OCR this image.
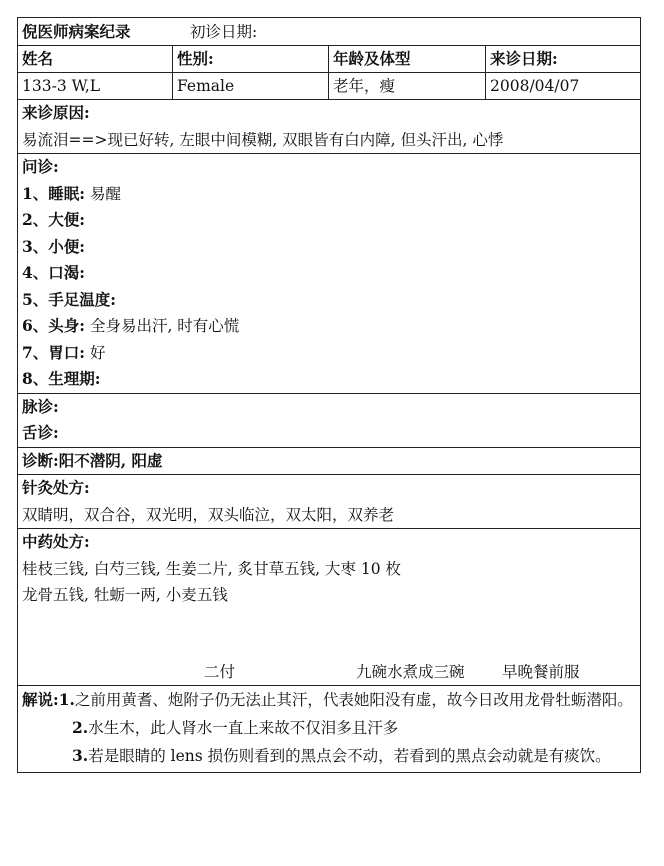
倪医师病案纪录	初诊日期:
姓名	性别:	年龄及体型	来诊日期:
133-3 W,L	Female	老年，瘦	2008/04/07
来诊原因:
易流泪==>现已好转, 左眼中间模糊, 双眼皆有白内障, 但头汗出, 心悸
问诊:
1、睡眠: 易醒
2、大便:
3、小便:
4、口渴:
5、手足温度:
6、头身: 全身易出汗, 时有心慌
7、胃口: 好
8、生理期:
脉诊:
舌诊:
诊断:阳不潜阴, 阳虚
针灸处方:
双睛明，双合谷，双光明，双头临泣，双太阳，双养老
中药处方:
桂枝三钱, 白芍三钱, 生姜二片, 炙甘草五钱, 大枣 10 枚
龙骨五钱, 牡蛎一两, 小麦五钱
二付	九碗水煮成三碗 早晚餐前服

解说:1.之前用黄耆、炮附子仍无法止其汗，代表她阳没有虚，故今日改用龙骨牡蛎潜阳。

2.水生木，此人肾水一直上来故不仅泪多且汗多

3.若是眼睛的 lens 损伤则看到的黑点会不动，若看到的黑点会动就是有痰饮。
